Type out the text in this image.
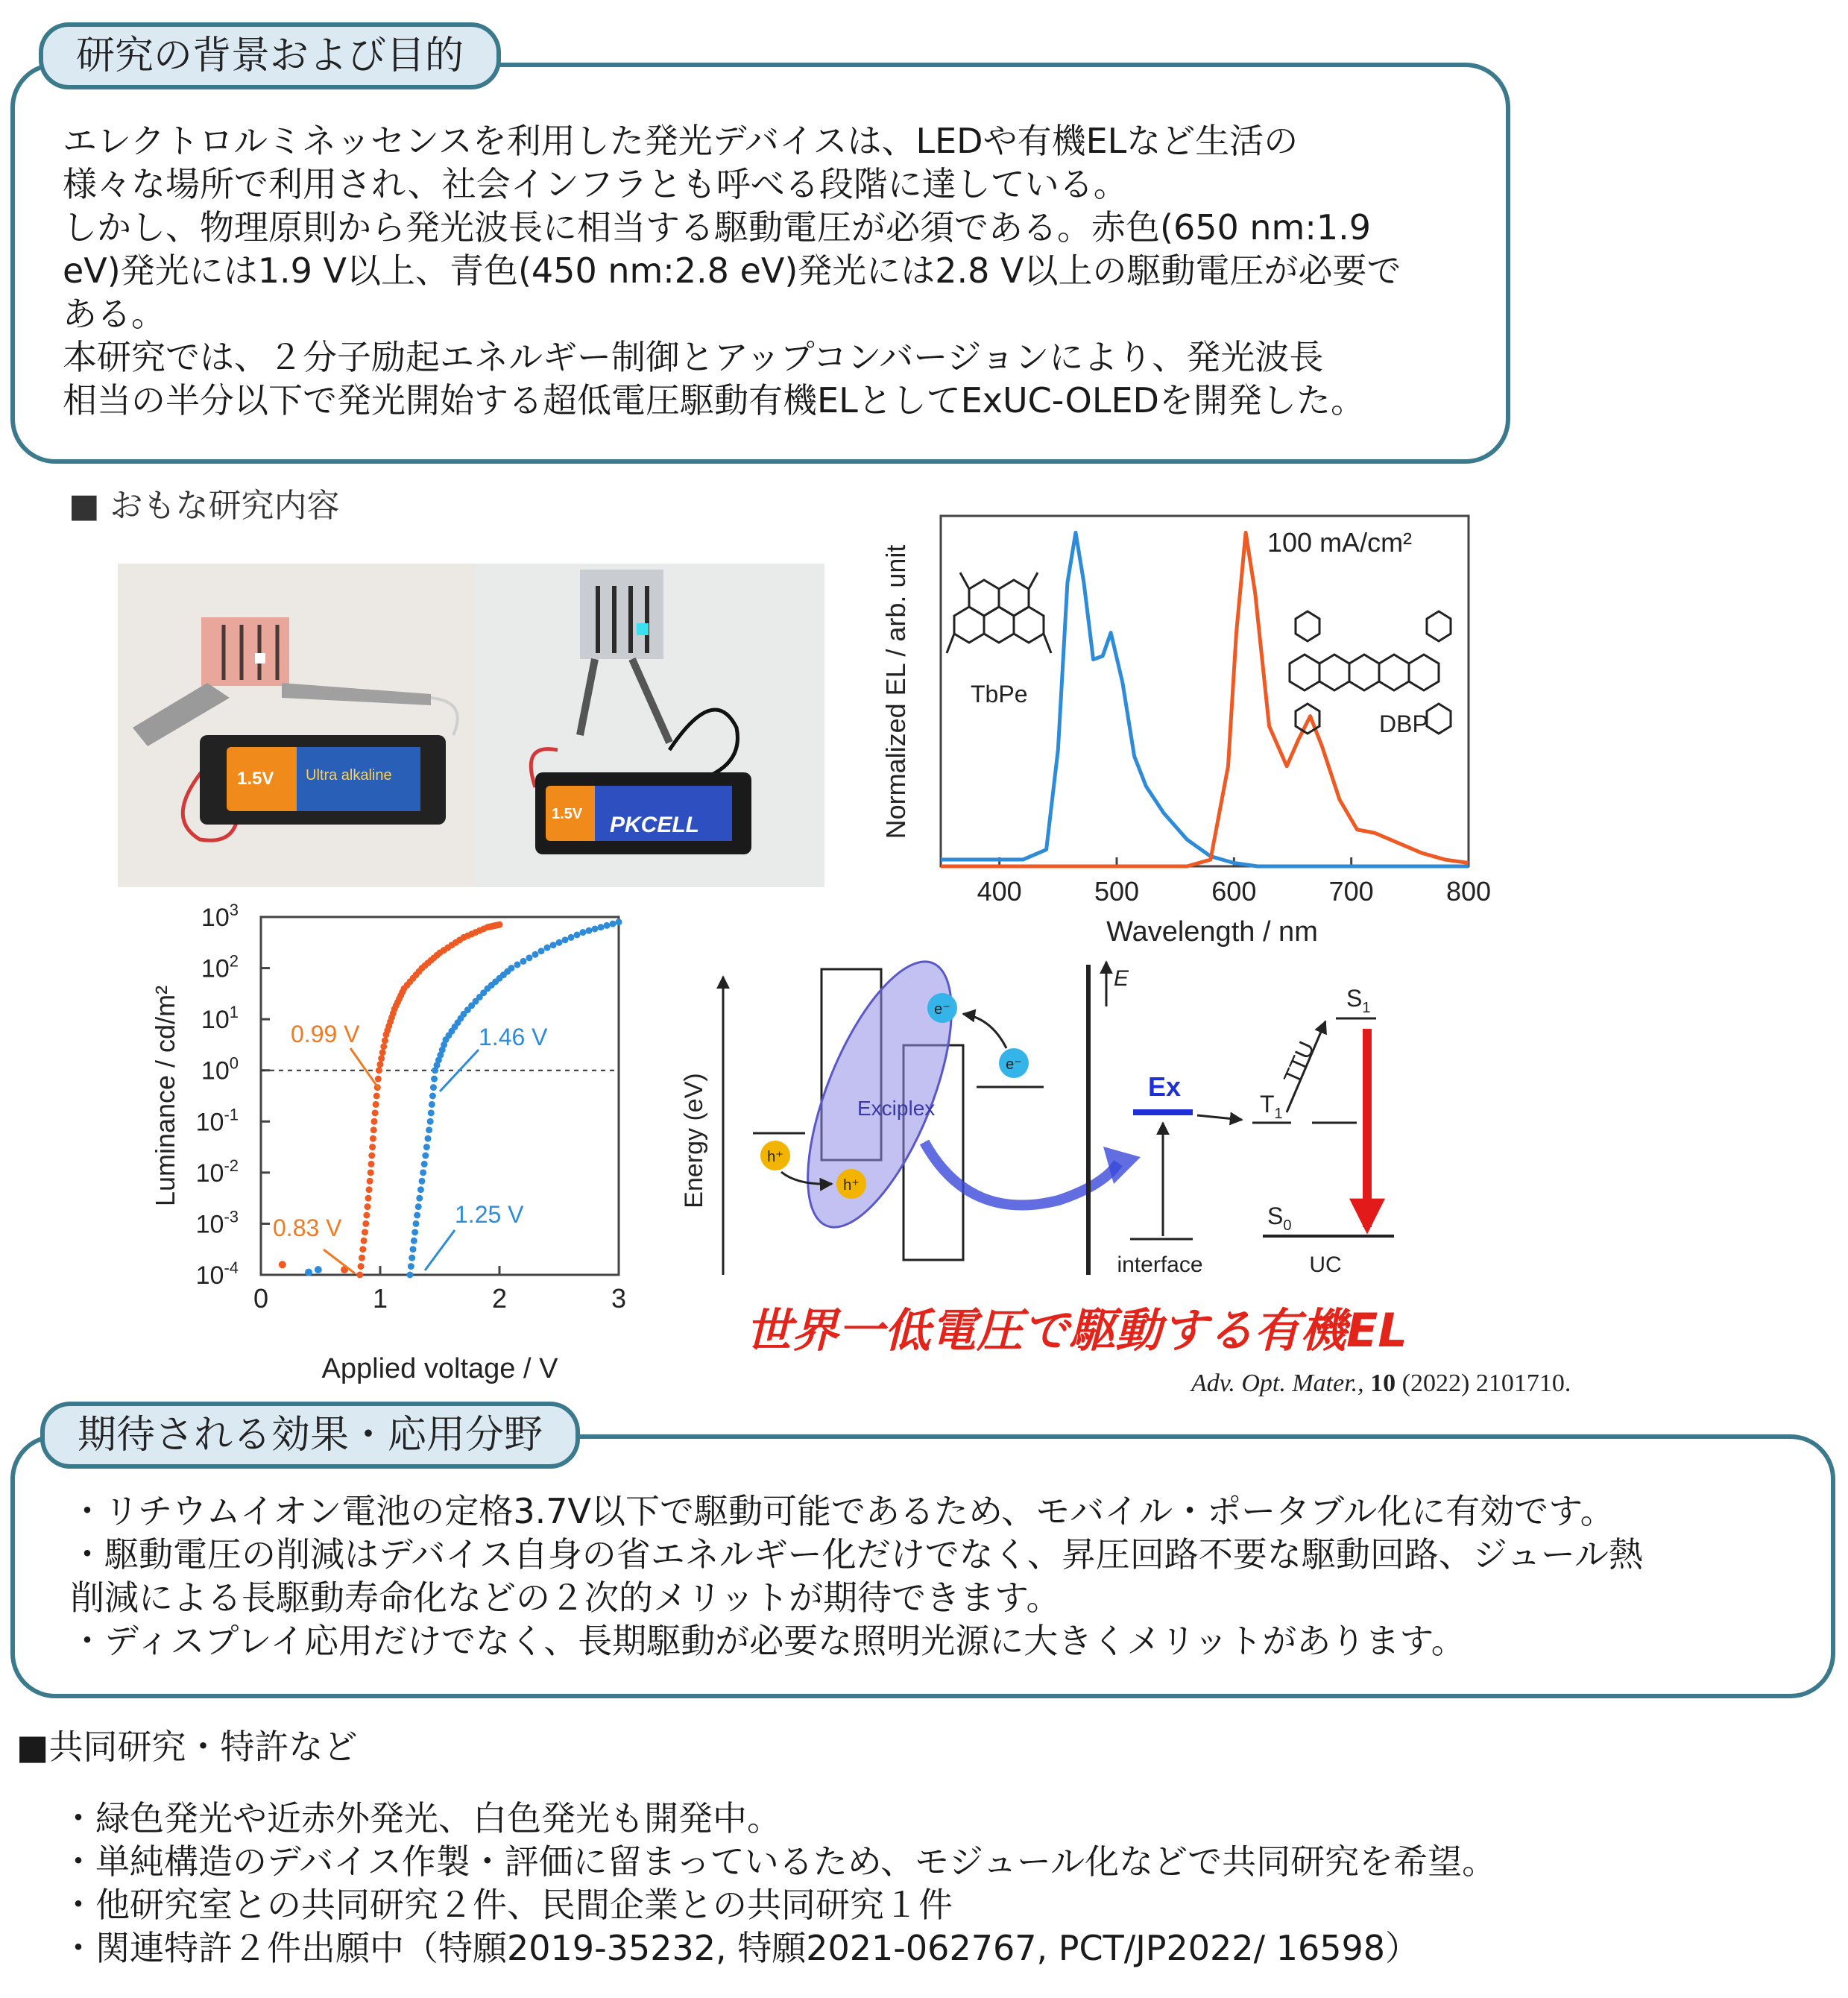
研究の背景および目的
エレクトロルミネッセンスを利用した発光デバイスは、LEDや有機ELなど生活の
様々な場所で利用され、社会インフラとも呼べる段階に達している。
しかし、物理原則から発光波長に相当する駆動電圧が必須である。赤色(650 nm:1.9
eV)発光には1.9 V以上、青色(450 nm:2.8 eV)発光には2.8 V以上の駆動電圧が必要で
ある。
本研究では、２分子励起エネルギー制御とアップコンバージョンにより、発光波長
相当の半分以下で発光開始する超低電圧駆動有機ELとしてExUC-OLEDを開発した。
■ おもな研究内容
1.5V Ultra alkaline
1.5V PKCELL
400	500	600	700	800
100 mA/cm²
TbPe
DBP
Wavelength / nm
Normalized EL / arb. unit
0	1	2	3
$10^{-4}$
$10^{-3}$
$10^{-2}$
$10^{-1}$
$10^0$
$10^1$
$10^2$
$10^3$
0.99 V
0.83 V
1.46 V
1.25 V
Applied voltage / V
Luminance / cd/m²	Energy (eV)	Exciplex
e⁻
e⁻
h⁺
h⁺
E
Ex
interface
$T_1$
TTU
$S_1$
$S_0$
UC
世界一低電圧で駆動する有機EL
Adv. Opt. Mater., 10 (2022) 2101710.
期待される効果・応用分野
・リチウムイオン電池の定格3.7V以下で駆動可能であるため、モバイル・ポータブル化に有効です。
・駆動電圧の削減はデバイス自身の省エネルギー化だけでなく、昇圧回路不要な駆動回路、ジュール熱
削減による長駆動寿命化などの２次的メリットが期待できます。
・ディスプレイ応用だけでなく、長期駆動が必要な照明光源に大きくメリットがあります。
■共同研究・特許など
・緑色発光や近赤外発光、白色発光も開発中。
・単純構造のデバイス作製・評価に留まっているため、モジュール化などで共同研究を希望。
・他研究室との共同研究２件、民間企業との共同研究１件
・関連特許２件出願中（特願2019-35232, 特願2021-062767, PCT/JP2022/ 16598）
